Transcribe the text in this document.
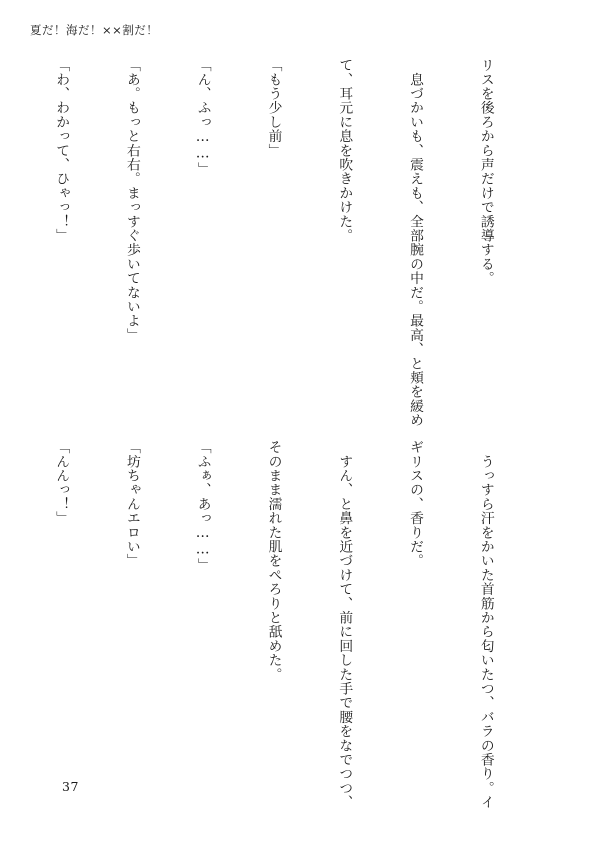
夏だ！海だ！××割だ！

リスを後ろから声だけで誘導する。

　息づかいも、震えも、全部腕の中だ。最高、と頬を緩め

て、耳元に息を吹きかけた。

「もう少し前」

「ん、ふっ……」

「あ。もっと右右。まっすぐ歩いてないよ」

「わ、わかって、ひゃっ！」

　うっすら汗をかいた首筋から匂いたつ、バラの香り。イ

ギリスの、香りだ。

　すん、と鼻を近づけて、前に回した手で腰をなでつつ、

そのまま濡れた肌をぺろりと舐めた。

「ふぁ、あっ……」

「坊ちゃんエロい」

「んんっ！」

37
